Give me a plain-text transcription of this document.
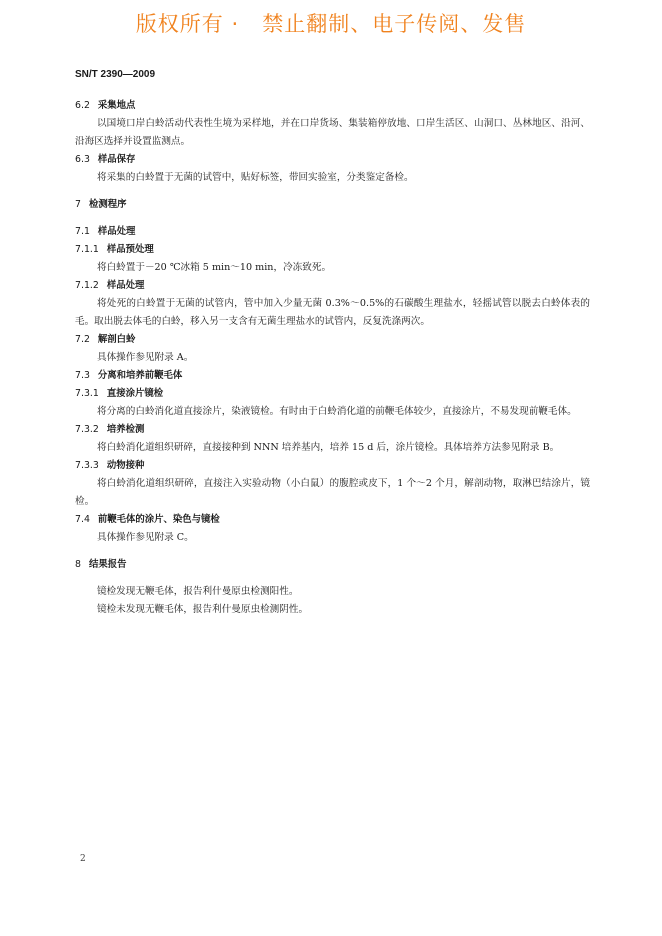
版权所有 ·   禁止翻制、电子传阅、发售
SN/T 2390—2009
6.2 采集地点

以国境口岸白蛉活动代表性生境为采样地，并在口岸货场、集装箱停放地、口岸生活区、山洞口、丛林地区、沿河、沿海区选择并设置监测点。

6.3 样品保存

将采集的白蛉置于无菌的试管中，贴好标签，带回实验室，分类鉴定备检。

7 检测程序
7.1 样品处理
7.1.1 样品预处理

将白蛉置于－20 ℃冰箱 5 min～10 min，冷冻致死。

7.1.2 样品处理

将处死的白蛉置于无菌的试管内，管中加入少量无菌 0.3%～0.5%的石碳酸生理盐水，轻摇试管以脱去白蛉体表的毛。取出脱去体毛的白蛉，移入另一支含有无菌生理盐水的试管内，反复洗涤两次。

7.2 解剖白蛉

具体操作参见附录 A。

7.3 分离和培养前鞭毛体
7.3.1 直接涂片镜检

将分离的白蛉消化道直接涂片，染液镜检。有时由于白蛉消化道的前鞭毛体较少，直接涂片，不易发现前鞭毛体。

7.3.2 培养检测

将白蛉消化道组织研碎，直接接种到 NNN 培养基内，培养 15 d 后，涂片镜检。具体培养方法参见附录 B。

7.3.3 动物接种

将白蛉消化道组织研碎，直接注入实验动物（小白鼠）的腹腔或皮下，1 个～2 个月，解剖动物，取淋巴结涂片，镜检。

7.4 前鞭毛体的涂片、染色与镜检

具体操作参见附录 C。

8 结果报告

镜检发现无鞭毛体，报告利什曼原虫检测阳性。

镜检未发现无鞭毛体，报告利什曼原虫检测阴性。

2
